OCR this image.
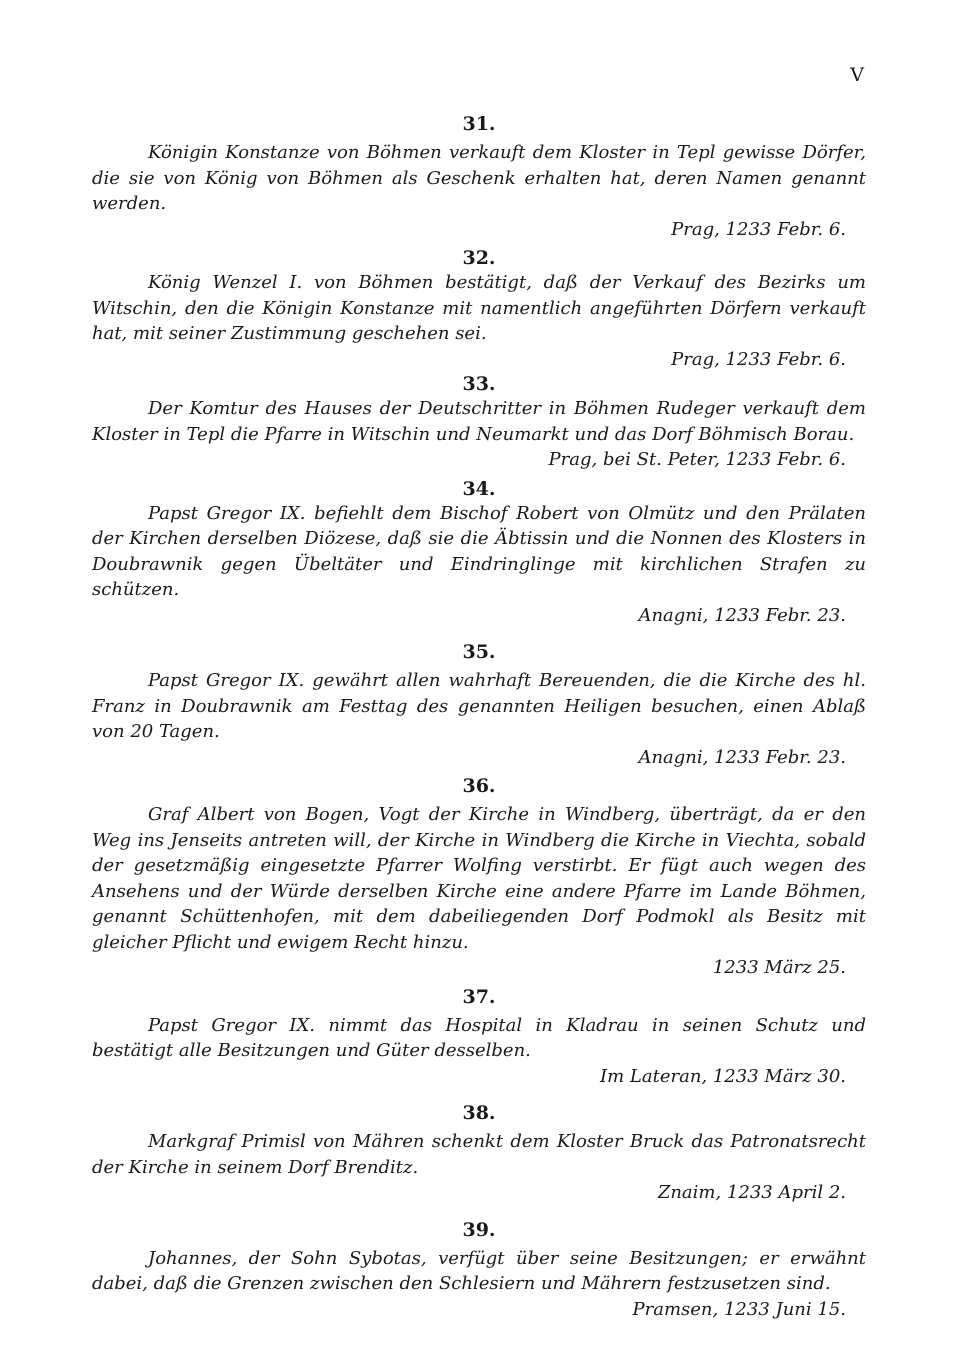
V
31.

Königin Konstanze von Böhmen verkauft dem Kloster in Tepl gewisse Dörfer, die sie von König von Böhmen als Geschenk erhalten hat, deren Namen genannt werden.

Prag, 1233 Febr. 6.

32.

König Wenzel I. von Böhmen bestätigt, daß der Verkauf des Bezirks um Witschin, den die Königin Konstanze mit namentlich angeführten Dörfern verkauft hat, mit seiner Zustimmung geschehen sei.

Prag, 1233 Febr. 6.

33.

Der Komtur des Hauses der Deutschritter in Böhmen Rudeger verkauft dem Kloster in Tepl die Pfarre in Witschin und Neumarkt und das Dorf Böhmisch Borau.

Prag, bei St. Peter, 1233 Febr. 6.

34.

Papst Gregor IX. befiehlt dem Bischof Robert von Olmütz und den Prälaten der Kirchen derselben Diözese, daß sie die Äbtissin und die Nonnen des Klosters in Doubrawnik gegen Übeltäter und Eindringlinge mit kirchlichen Strafen zu schützen.

Anagni, 1233 Febr. 23.

35.

Papst Gregor IX. gewährt allen wahrhaft Bereuenden, die die Kirche des hl. Franz in Doubrawnik am Festtag des genannten Heiligen besuchen, einen Ablaß von 20 Tagen.

Anagni, 1233 Febr. 23.

36.

Graf Albert von Bogen, Vogt der Kirche in Windberg, überträgt, da er den Weg ins Jenseits antreten will, der Kirche in Windberg die Kirche in Viechta, sobald der gesetzmäßig eingesetzte Pfarrer Wolfing verstirbt. Er fügt auch wegen des Ansehens und der Würde derselben Kirche eine andere Pfarre im Lande Böhmen, genannt Schüttenhofen, mit dem dabeiliegenden Dorf Podmokl als Besitz mit gleicher Pflicht und ewigem Recht hinzu.

1233 März 25.

37.

Papst Gregor IX. nimmt das Hospital in Kladrau in seinen Schutz und bestätigt alle Besitzungen und Güter desselben.

Im Lateran, 1233 März 30.

38.

Markgraf Primisl von Mähren schenkt dem Kloster Bruck das Patronatsrecht der Kirche in seinem Dorf Brenditz.

Znaim, 1233 April 2.

39.

Johannes, der Sohn Sybotas, verfügt über seine Besitzungen; er erwähnt dabei, daß die Grenzen zwischen den Schlesiern und Mährern festzusetzen sind.

Pramsen, 1233 Juni 15.
